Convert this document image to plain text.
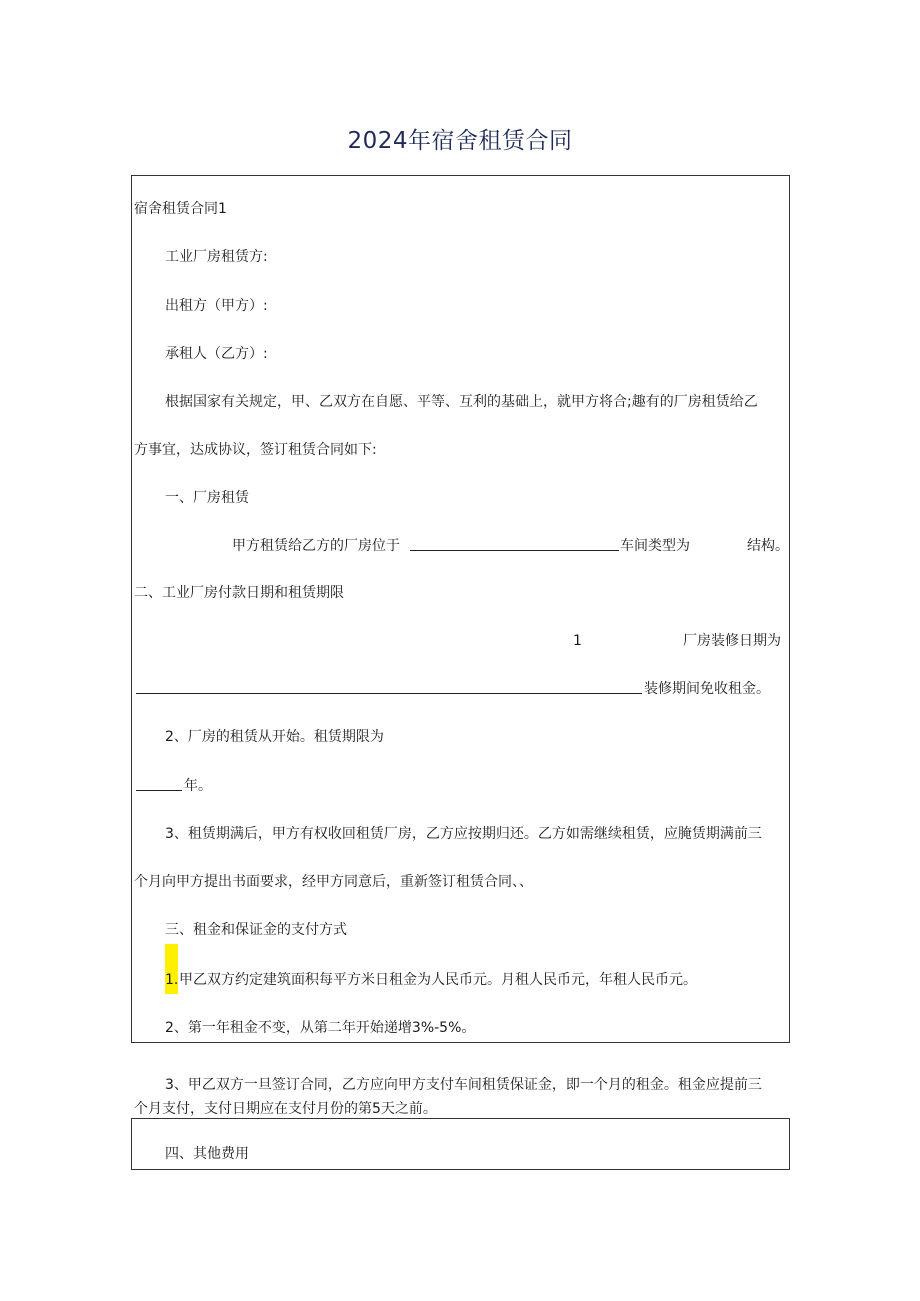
2024年宿舍租赁合同
宿舍租赁合同1
工业厂房租赁方:
出租方（甲方）:
承租人（乙方）:
根据国家有关规定，甲、乙双方在自愿、平等、互利的基础上，就甲方将合;趣有的厂房租赁给乙
方事宜，达成协议，签订租赁合同如下:
一、厂房租赁
甲方租赁给乙方的厂房位于	车间类型为	结构。
二、工业厂房付款日期和租赁期限
1	厂房装修日期为
装修期间免收租金。
2、厂房的租赁从开始。租赁期限为
年。
3、租赁期满后，甲方有权收回租赁厂房，乙方应按期归还。乙方如需继续租赁，应腌赁期满前三
个月向甲方提出书面要求，经甲方同意后，重新签订租赁合同、、
三、租金和保证金的支付方式
1. 甲乙双方约定建筑面积每平方米日租金为人民币元。月租人民币元，年租人民币元。
2、第一年租金不变，从第二年开始递增3%-5%。
3、甲乙双方一旦签订合同，乙方应向甲方支付车间租赁保证金，即一个月的租金。租金应提前三
个月支付，支付日期应在支付月份的第5天之前。
四、其他费用
